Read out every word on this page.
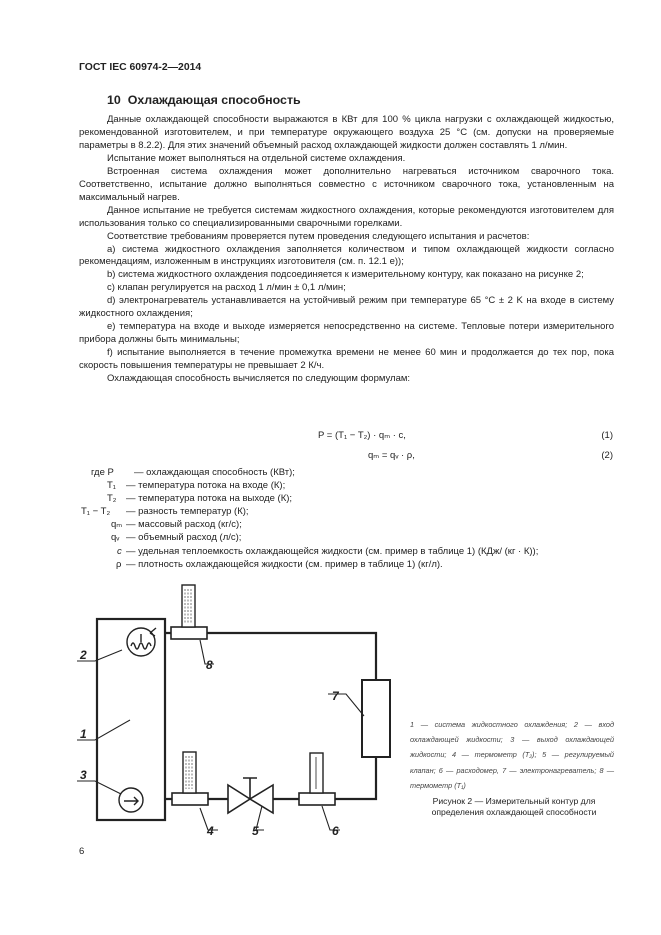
ГОСТ IEC 60974-2—2014
10 Охлаждающая способность

Данные охлаждающей способности выражаются в КВт для 100 % цикла нагрузки с охлаждающей жидкостью, рекомендованной изготовителем, и при температуре окружающего воздуха 25 °С (см. допуски на проверяемые параметры в 8.2.2). Для этих значений объемный расход охлаждающей жидкости должен составлять 1 л/мин.

Испытание может выполняться на отдельной системе охлаждения.

Встроенная система охлаждения может дополнительно нагреваться источником сварочного тока. Соответственно, испытание должно выполняться совместно с источником сварочного тока, установленным на максимальный нагрев.

Данное испытание не требуется системам жидкостного охлаждения, которые рекомендуются изготовителем для использования только со специализированными сварочными горелками.

Соответствие требованиям проверяется путем проведения следующего испытания и расчетов:

а) система жидкостного охлаждения заполняется количеством и типом охлаждающей жидкости согласно рекомендациям, изложенным в инструкциях изготовителя (см. п. 12.1 е));

b) система жидкостного охлаждения подсоединяется к измерительному контуру, как показано на рисунке 2;

c) клапан регулируется на расход 1 л/мин ± 0,1 л/мин;

d) электронагреватель устанавливается на устойчивый режим при температуре 65 °С ± 2 K на входе в систему жидкостного охлаждения;

е) температура на входе и выходе измеряется непосредственно на системе. Тепловые потери измерительного прибора должны быть минимальны;

f) испытание выполняется в течение промежутка времени не менее 60 мин и продолжается до тех пор, пока скорость повышения температуры не превышает 2 К/ч.

Охлаждающая способность вычисляется по следующим формулам:

P = (T₁ − T₂) · qₘ · c,	(1)
qₘ = qᵥ · ρ,	(2)
где P	— охлаждающая способность (КВт);
T₁ — температура потока на входе (К);
T₂ — температура потока на выходе (К);
T₁ − T₂ — разность температур (К);
qₘ — массовый расход (кг/с);
qᵥ — объемный расход (л/с);
c — удельная теплоемкость охлаждающейся жидкости (см. пример в таблице 1) (КДж/ (кг · К));
ρ — плотность охлаждающейся жидкости (см. пример в таблице 1) (кг/л).
2
1
3
4	5	6
7
8
1 — система жидкостного охлаждения; 2 — вход охлаждающей жидкости; 3 — выход охлаждающей жидкости; 4 — термометр (T₂); 5 — регулируемый клапан; 6 — расходомер, 7 — электронагреватель; 8 — термометр (T₁)
Рисунок 2 — Измерительный контур для определения охлаждающей способности
6
